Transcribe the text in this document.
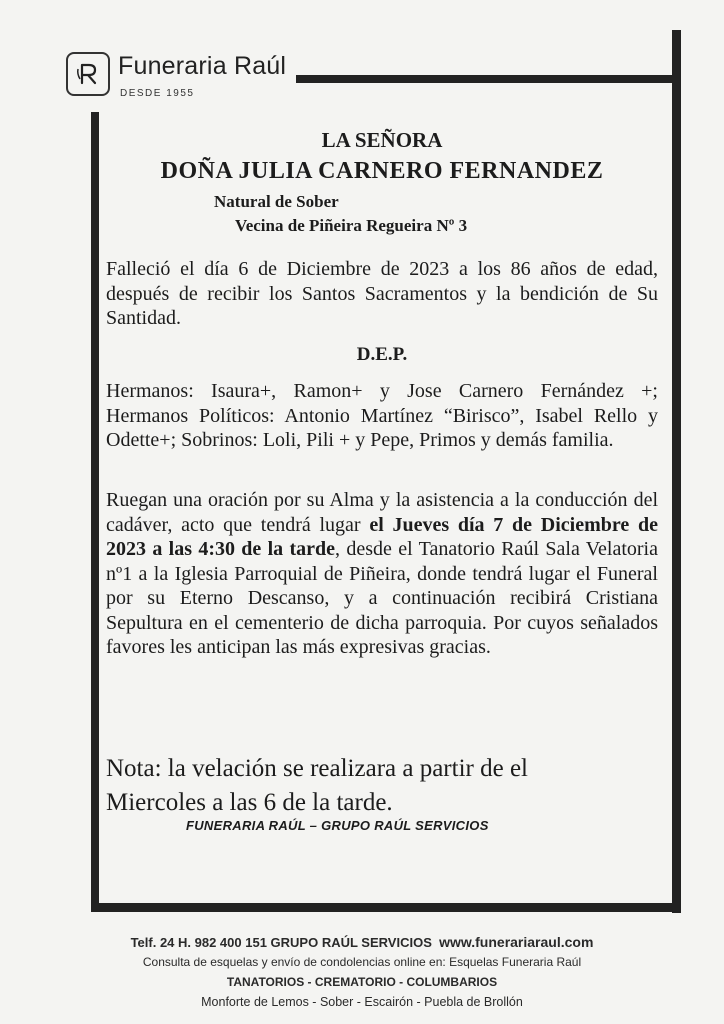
Funeraria Raúl
DESDE 1955
LA SEÑORA
DOÑA JULIA CARNERO FERNANDEZ
Natural de Sober
Vecina de Piñeira Regueira Nº 3
Falleció el día 6 de Diciembre de 2023 a los 86 años de edad, después de recibir los Santos Sacramentos y la bendición de Su Santidad.
D.E.P.
Hermanos: Isaura+, Ramon+ y Jose Carnero Fernández +; Hermanos Políticos: Antonio Martínez “Birisco”, Isabel Rello y Odette+; Sobrinos: Loli, Pili + y Pepe, Primos y demás familia.
Ruegan una oración por su Alma y la asistencia a la conducción del cadáver, acto que tendrá lugar el Jueves día 7 de Diciembre de 2023 a las 4:30 de la tarde, desde el Tanatorio Raúl Sala Velatoria nº1 a la Iglesia Parroquial de Piñeira, donde tendrá lugar el Funeral por su Eterno Descanso, y a continuación recibirá Cristiana Sepultura en el cementerio de dicha parroquia. Por cuyos señalados favores les anticipan las más expresivas gracias.
Nota: la velación se realizara a partir de el
Miercoles a las 6 de la tarde.
FUNERARIA RAÚL – GRUPO RAÚL SERVICIOS
Telf. 24 H. 982 400 151 GRUPO RAÚL SERVICIOS www.funerariaraul.com
Consulta de esquelas y envío de condolencias online en: Esquelas Funeraria Raúl
TANATORIOS - CREMATORIO - COLUMBARIOS
Monforte de Lemos - Sober - Escairón - Puebla de Brollón
